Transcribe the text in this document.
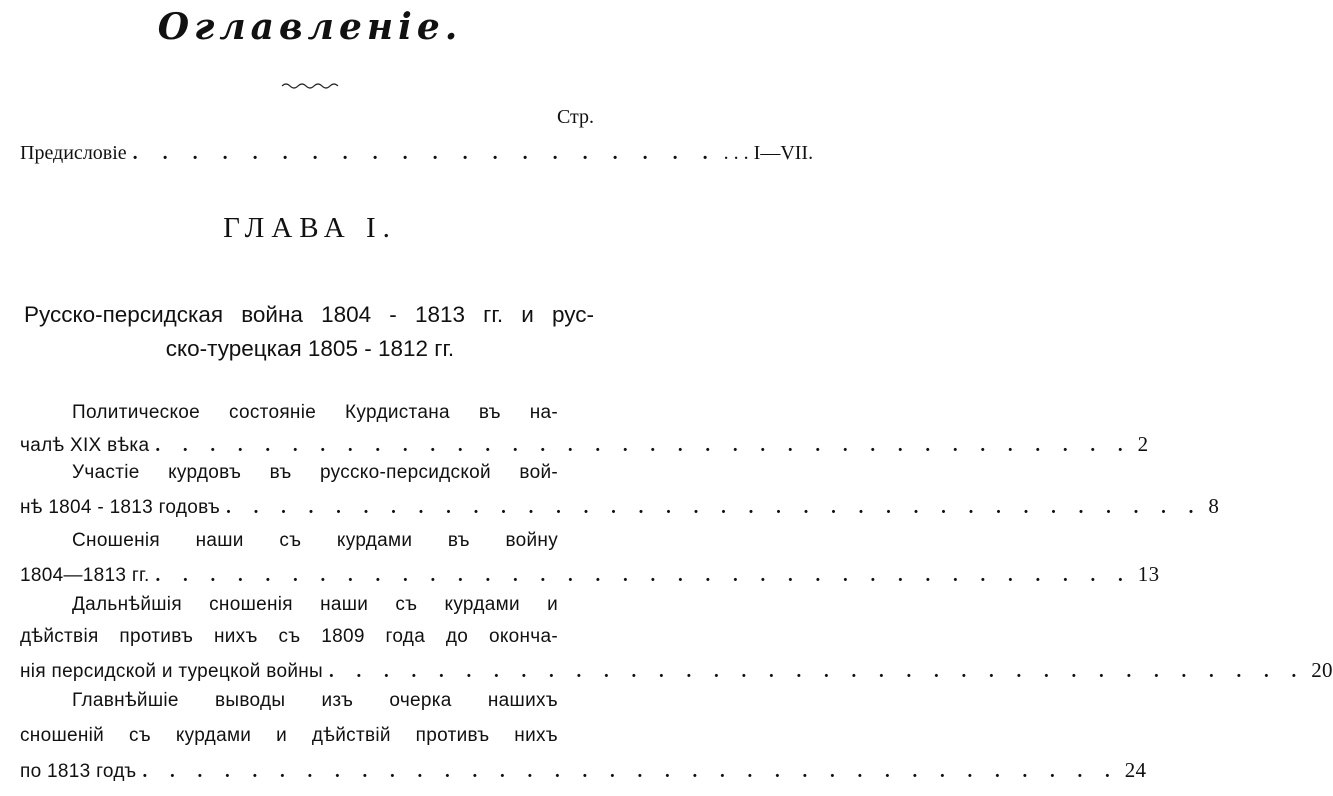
Оглавленіе.
Стр.
Предисловіе . . . . . . . . . . . . . . . . . . . . . . . I—VII.
ГЛАВА I.
Русско-персидская война 1804 - 1813 гг. и рус-
ско-турецкая 1805 - 1812 гг.
Политическое состояніе Курдистана въ на-
чалѣ XIX вѣка . . . . . . . . . . . . . . . . . . . . . . . . . . . . . . . . . . . . 2
Участіе курдовъ въ русско-персидской вой-
нѣ 1804 - 1813 годовъ . . . . . . . . . . . . . . . . . . . . . . . . . . . . . . . . . . . . 8
Сношенія наши съ курдами въ войну
1804—1813 гг. . . . . . . . . . . . . . . . . . . . . . . . . . . . . . . . . . . . . 13
Дальнѣйшія сношенія наши съ курдами и
дѣйствія противъ нихъ съ 1809 года до оконча-
нія персидской и турецкой войны . . . . . . . . . . . . . . . . . . . . . . . . . . . . . . . . . . . . 20
Главнѣйшіе выводы изъ очерка нашихъ
сношеній съ курдами и дѣйствій противъ нихъ
по 1813 годъ . . . . . . . . . . . . . . . . . . . . . . . . . . . . . . . . . . . . 24
